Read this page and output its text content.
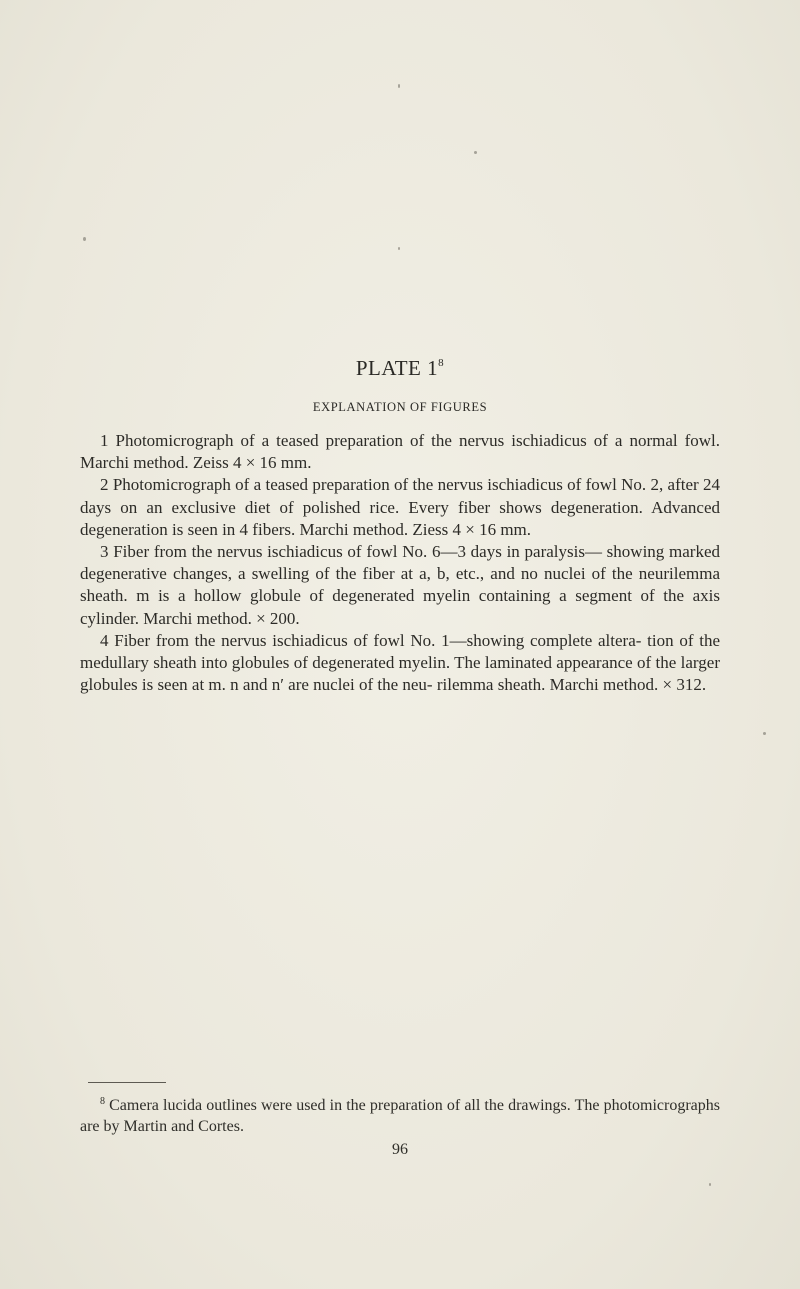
PLATE $1^8$
EXPLANATION OF FIGURES

1 Photomicrograph of a teased preparation of the nervus ischiadicus of a normal fowl. Marchi method. Zeiss 4 × 16 mm.

2 Photomicrograph of a teased preparation of the nervus ischiadicus of fowl No. 2, after 24 days on an exclusive diet of polished rice. Every fiber shows degeneration. Advanced degeneration is seen in 4 fibers. Marchi method. Ziess 4 × 16 mm.

3 Fiber from the nervus ischiadicus of fowl No. 6—3 days in paralysis— showing marked degenerative changes, a swelling of the fiber at a, b, etc., and no nuclei of the neurilemma sheath. m is a hollow globule of degenerated myelin containing a segment of the axis cylinder. Marchi method. × 200.

4 Fiber from the nervus ischiadicus of fowl No. 1—showing complete altera- tion of the medullary sheath into globules of degenerated myelin. The laminated appearance of the larger globules is seen at m. n and n′ are nuclei of the neu- rilemma sheath. Marchi method. × 312.

$^8$ Camera lucida outlines were used in the preparation of all the drawings. The photomicrographs are by Martin and Cortes.

96
